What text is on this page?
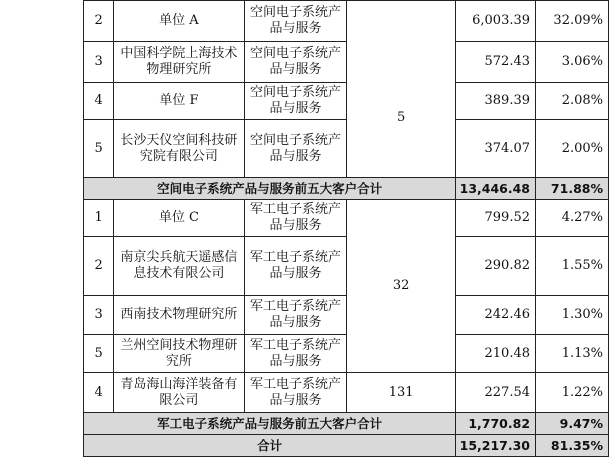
	2	单位 A	空间电子系统产品与服务	5	6,003.39	32.09%
	3	中国科学院上海技术物理研究所	空间电子系统产品与服务		572.43	3.06%
	4	单位 F	空间电子系统产品与服务		389.39	2.08%
	5	长沙天仪空间科技研究院有限公司	空间电子系统产品与服务		374.07	2.00%
	空间电子系统产品与服务前五大客户合计				13,446.48	71.88%
	1	单位 C	军工电子系统产品与服务	32	799.52	4.27%
	2	南京尖兵航天遥感信息技术有限公司	军工电子系统产品与服务		290.82	1.55%
	3	西南技术物理研究所	军工电子系统产品与服务		242.46	1.30%
	5	兰州空间技术物理研究所	军工电子系统产品与服务		210.48	1.13%
	4	青岛海山海洋装备有限公司	军工电子系统产品与服务	131	227.54	1.22%
	军工电子系统产品与服务前五大客户合计				1,770.82	9.47%
	合计				15,217.30	81.35%
